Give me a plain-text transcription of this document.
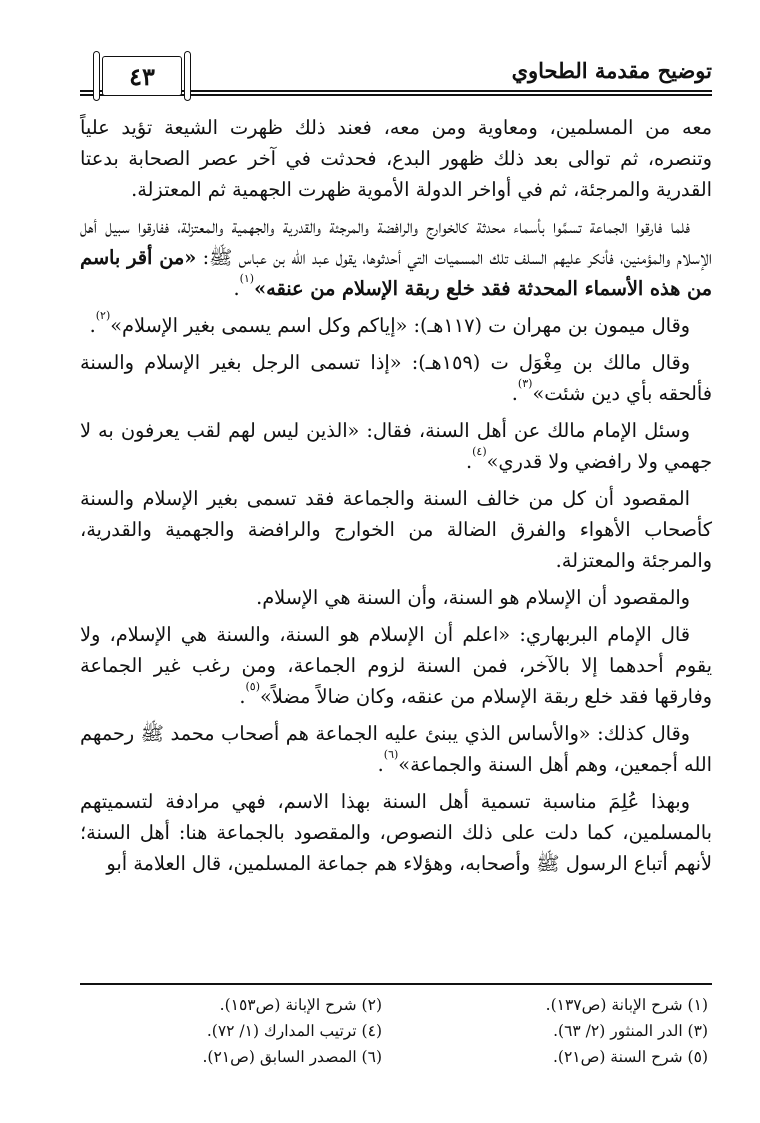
٤٣	توضيح مقدمة الطحاوي

معه من المسلمين، ومعاوية ومن معه، فعند ذلك ظهرت الشيعة تؤيد علياً وتنصره، ثم توالى بعد ذلك ظهور البدع، فحدثت في آخر عصر الصحابة بدعتا القدرية والمرجئة، ثم في أواخر الدولة الأموية ظهرت الجهمية ثم المعتزلة.

فلما فارقوا الجماعة تسمَّوا بأسماء محدثة كالخوارج والرافضة والمرجئة والقدرية والجهمية والمعتزلة، ففارقوا سبيل أهل الإسلام والمؤمنين، فأنكر عليهم السلف تلك المسميات التي أحدثوها، يقول عبد الله بن عباس ﷺ: «من أقر باسم من هذه الأسماء المحدثة فقد خلع ربقة الإسلام من عنقه»$^{(١)}$.

وقال ميمون بن مهران ت (١١٧هـ): «إياكم وكل اسم يسمى بغير الإسلام»$^{(٢)}$.

وقال مالك بن مِغْوَل ت (١٥٩هـ): «إذا تسمى الرجل بغير الإسلام والسنة فألحقه بأي دين شئت»$^{(٣)}$.

وسئل الإمام مالك عن أهل السنة، فقال: «الذين ليس لهم لقب يعرفون به لا جهمي ولا رافضي ولا قدري»$^{(٤)}$.

المقصود أن كل من خالف السنة والجماعة فقد تسمى بغير الإسلام والسنة كأصحاب الأهواء والفرق الضالة من الخوارج والرافضة والجهمية والقدرية، والمرجئة والمعتزلة.

والمقصود أن الإسلام هو السنة، وأن السنة هي الإسلام.

قال الإمام البربهاري: «اعلم أن الإسلام هو السنة، والسنة هي الإسلام، ولا يقوم أحدهما إلا بالآخر، فمن السنة لزوم الجماعة، ومن رغب غير الجماعة وفارقها فقد خلع ربقة الإسلام من عنقه، وكان ضالاً مضلاً»$^{(٥)}$.

وقال كذلك: «والأساس الذي يبنئ عليه الجماعة هم أصحاب محمد ﷺ رحمهم الله أجمعين، وهم أهل السنة والجماعة»$^{(٦)}$.

وبهذا عُلِمَ مناسبة تسمية أهل السنة بهذا الاسم، فهي مرادفة لتسميتهم بالمسلمين، كما دلت على ذلك النصوص، والمقصود بالجماعة هنا: أهل السنة؛ لأنهم أتباع الرسول ﷺ وأصحابه، وهؤلاء هم جماعة المسلمين، قال العلامة أبو

(١) شرح الإبانة (ص١٣٧).
(٣) الدر المنثور (٢/ ٦٣).
(٥) شرح السنة (ص٢١).
(٢) شرح الإبانة (ص١٥٣).
(٤) ترتيب المدارك (١/ ٧٢).
(٦) المصدر السابق (ص٢١).
